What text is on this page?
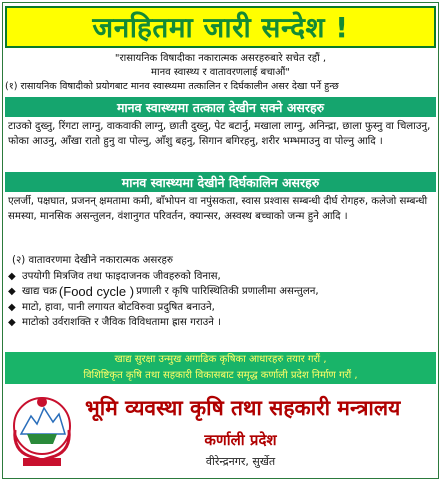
जनहितमा जारी सन्देश !
"रासायनिक विषादीका नकारात्मक असरहरुबारे सचेत रहौं ,
मानव स्वास्थ्य र वातावरणलाई बचाऔं"
(१) रासायनिक विषादीको प्रयोगबाट मानव स्वास्थ्यमा तत्कालिन र दिर्घकालीन असर देखा पर्ने हुन्छ
मानव स्वास्थ्यमा तत्काल देखीन सक्ने असरहरु
टाउको दुख्नु, रिंगटा लाग्नु, वाकवाकी लाग्नु, छाती दुख्नु, पेट बटार्नु, मखाला लाग्नु, अनिन्द्रा, छाला फुस्नु वा चिलाउनु, फोका आउनु, आँखा रातो हुनु वा पोल्नु, आँशु बहनु, सिगान बगिरहनु, शरीर भम्भमाउनु वा पोल्नु आदि ।
मानव स्वास्थ्यमा देखीने दिर्घकालिन असरहरु
एलर्जी, पक्षघात, प्रजनन् क्षमतामा कमी, बाँभोपन वा नपुंसकता, स्वास प्रश्वास सम्बन्धी दीर्घ रोगहरु, कलेजो सम्बन्धी समस्या, मानसिक असन्तुलन, वंशानुगत परिवर्तन, क्यान्सर, अस्वस्थ बच्चाको जन्म हुने आदि ।
(२) वातावरणमा देखीने नकारात्मक असरहरु
◆ उपयोगी मित्रजिव तथा फाइदाजनक जीवहरुको विनास,
◆ खाद्य चक्र (Food cycle ) प्रणाली र कृषि पारिस्थितिकी प्रणालीमा असन्तुलन,
◆ माटो, हावा, पानी लगायत बोटविरुवा प्रदुषित बनाउने,
◆ माटोको उर्वराशक्ति र जैविक विविधतामा ह्रास गराउने ।
खाद्य सुरक्षा उन्मुख अगाढिक कृषिका आधारहरु तयार गरौं ,
विशिष्टिकृत कृषि तथा सहकारी विकासबाट समृद्ध कर्णाली प्रदेश निर्माण गरौं ,
भूमि व्यवस्था कृषि तथा सहकारी मन्त्रालय
कर्णाली प्रदेश
वीरेन्द्रनगर, सुर्खेत
